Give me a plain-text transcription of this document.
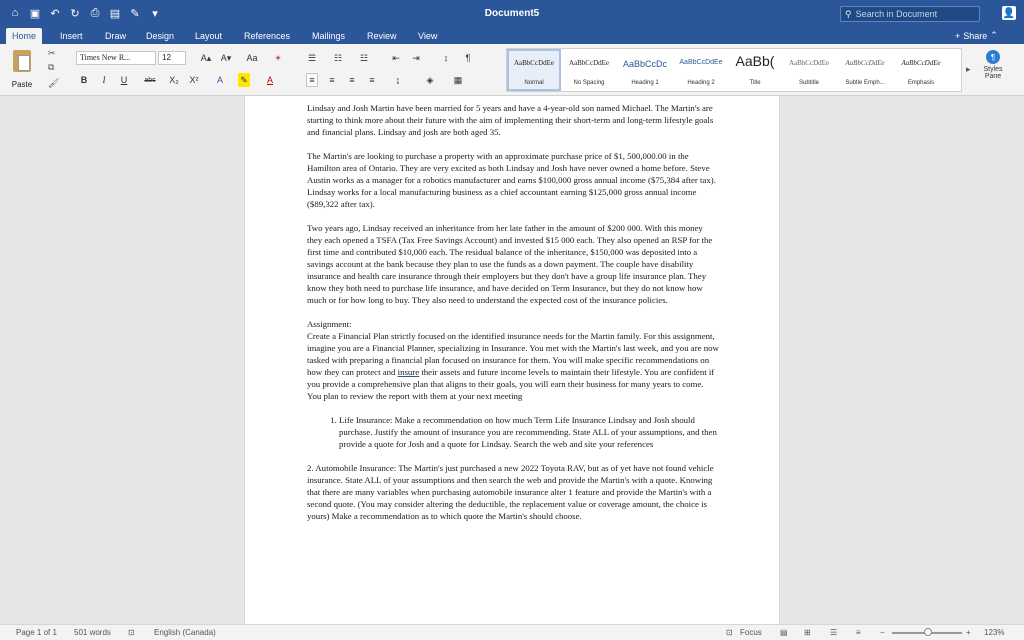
⌂	▣ ↶ ↻ ⎙ ▤ ✎	▾	Document5	⚲
Search in Document	👤
Home	Insert	Draw	Design	Layout	References	Mailings	Review	View	+ Share ⌃
Paste
✂
⧉
🖌
Times New R...	12	A▴ A▾ Aa ✦
B	I	U	abc X₂ X²	A	✎	A
☰ ☷ ☳	⇤ ⇥	↕	¶
≡	≡	≡	≡	↨	◈ ▦
AaBbCcDdEe
Normal
AaBbCcDdEe
No Spacing
AaBbCcDc
Heading 1
AaBbCcDdEe
Heading 2
AaBb(
Title
AaBbCcDdEe
Subtitle
AaBbCcDdEe
Subtle Emph...
AaBbCcDdEe
Emphasis
▸
¶
Styles Pane

Lindsay and Josh Martin have been married for 5 years and have a 4-year-old son named Michael. The Martin's are starting to think more about their future with the aim of implementing their short-term and long-term lifestyle goals and financial plans. Lindsay and josh are both aged 35.

The Martin's are looking to purchase a property with an approximate purchase price of $1, 500,000.00 in the Hamilton area of Ontario. They are very excited as both Lindsay and Josh have never owned a home before. Steve Austin works as a manager for a robotics manufacturer and earns $100,000 gross annual income ($75,384 after tax). Lindsay works for a local manufacturing business as a chief accountant earning $125,000 gross annual income ($89,322 after tax).

Two years ago, Lindsay received an inheritance from her late father in the amount of $200 000. With this money they each opened a TSFA (Tax Free Savings Account) and invested $15 000 each. They also opened an RSP for the first time and contributed $10,000 each. The residual balance of the inheritance, $150,000 was deposited into a savings account at the bank because they plan to use the funds as a down payment. The couple have disability insurance and health care insurance through their employers but they don't have a group life insurance plan. They know they both need to purchase life insurance, and have decided on Term Insurance, but they do not know how much or for how long to buy. They also need to understand the expected cost of the insurance policies.

Assignment:

Create a Financial Plan strictly focused on the identified insurance needs for the Martin family. For this assignment, imagine you are a Financial Planner, specializing in Insurance. You met with the Martin's last week, and you are now tasked with preparing a financial plan focused on insurance for them. You will make specific recommendations on how they can protect and insure their assets and future income levels to maintain their lifestyle. You are confident if you provide a comprehensive plan that aligns to their goals, you will earn their business for many years to come. You plan to review the report with them at your next meeting

1. Life Insurance: Make a recommendation on how much Term Life Insurance Lindsay and Josh should purchase. Justify the amount of insurance you are recommending. State ALL of your assumptions, and then provide a quote for Josh and a quote for Lindsay. Search the web and site your references

2. Automobile Insurance: The Martin's just purchased a new 2022 Toyota RAV, but as of yet have not found vehicle insurance. State ALL of your assumptions and then search the web and provide the Martin's with a quote. Knowing that there are many variables when purchasing automobile insurance alter 1 feature and provide the Martin's with a second quote. (You may consider altering the deductible, the replacement value or coverage amount, the choice is yours) Make a recommendation as to which quote the Martin's should choose.

Page 1 of 1 501 words ⊡ English (Canada)	⊡ Focus ▤ ⊞ ☰ ≡ −	+ 123%
